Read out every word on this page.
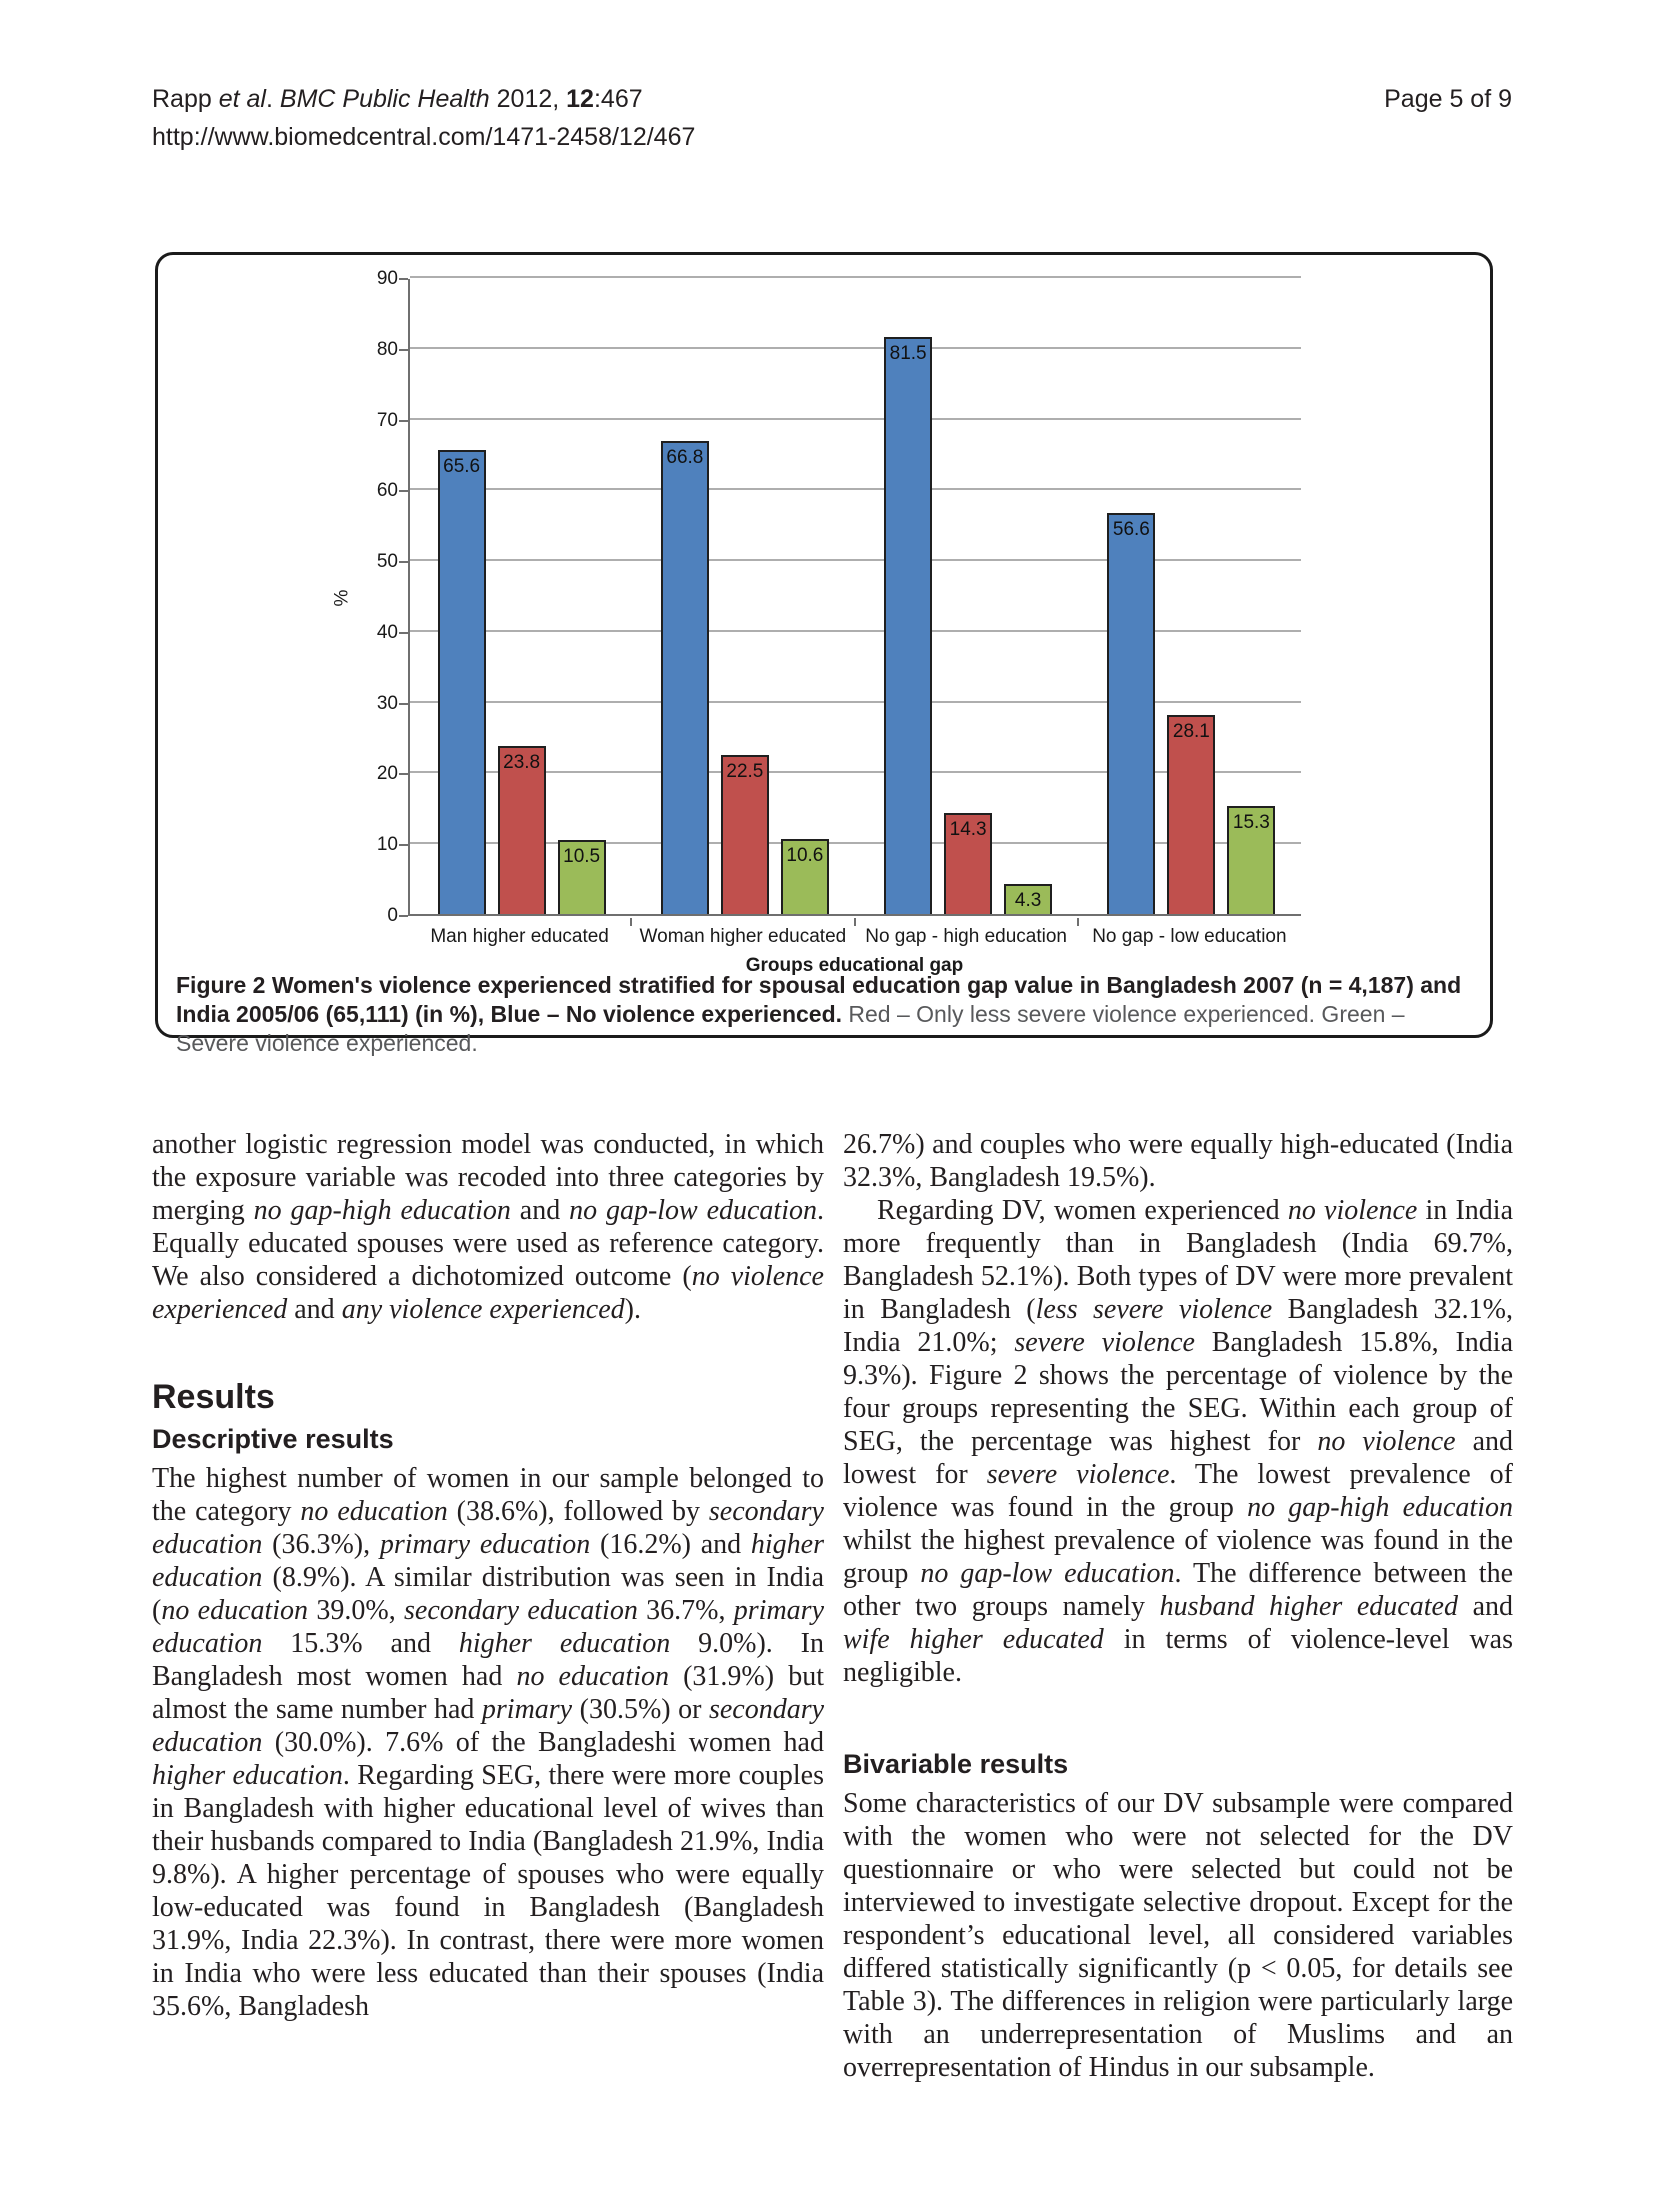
Rapp et al. BMC Public Health 2012, 12:467
http://www.biomedcentral.com/1471-2458/12/467
Page 5 of 9
%
65.6
23.8
10.5
66.8
22.5
10.6
81.5
14.3
4.3
56.6
28.1
15.3
Man higher educated	Woman higher educated	No gap - high education	No gap - low education
Groups educational gap
0
10
20
30
40
50
60
70
80
90
Figure 2 Women's violence experienced stratified for spousal education gap value in Bangladesh 2007 (n = 4,187) and India 2005/06 (65,111) (in %), Blue – No violence experienced. Red – Only less severe violence experienced. Green – Severe violence experienced.

another logistic regression model was conducted, in which the exposure variable was recoded into three categories by merging no gap-high education and no gap-low education. Equally educated spouses were used as reference category. We also considered a dichotomized outcome (no violence experienced and any violence experienced).

Results
Descriptive results

The highest number of women in our sample belonged to the category no education (38.6%), followed by secondary education (36.3%), primary education (16.2%) and higher education (8.9%). A similar distribution was seen in India (no education 39.0%, secondary education 36.7%, primary education 15.3% and higher education 9.0%). In Bangladesh most women had no education (31.9%) but almost the same number had primary (30.5%) or secondary education (30.0%). 7.6% of the Bangladeshi women had higher education. Regarding SEG, there were more couples in Bangladesh with higher educational level of wives than their husbands compared to India (Bangladesh 21.9%, India 9.8%). A higher percentage of spouses who were equally low-educated was found in Bangladesh (Bangladesh 31.9%, India 22.3%). In contrast, there were more women in India who were less educated than their spouses (India 35.6%, Bangladesh

26.7%) and couples who were equally high-educated (India 32.3%, Bangladesh 19.5%).

Regarding DV, women experienced no violence in India more frequently than in Bangladesh (India 69.7%, Bangladesh 52.1%). Both types of DV were more prevalent in Bangladesh (less severe violence Bangladesh 32.1%, India 21.0%; severe violence Bangladesh 15.8%, India 9.3%). Figure 2 shows the percentage of violence by the four groups representing the SEG. Within each group of SEG, the percentage was highest for no violence and lowest for severe violence. The lowest prevalence of violence was found in the group no gap-high education whilst the highest prevalence of violence was found in the group no gap-low education. The difference between the other two groups namely husband higher educated and wife higher educated in terms of violence-level was negligible.

Bivariable results

Some characteristics of our DV subsample were compared with the women who were not selected for the DV questionnaire or who were selected but could not be interviewed to investigate selective dropout. Except for the respondent’s educational level, all considered variables differed statistically significantly (p < 0.05, for details see Table 3). The differences in religion were particularly large with an underrepresentation of Muslims and an overrepresentation of Hindus in our subsample.
